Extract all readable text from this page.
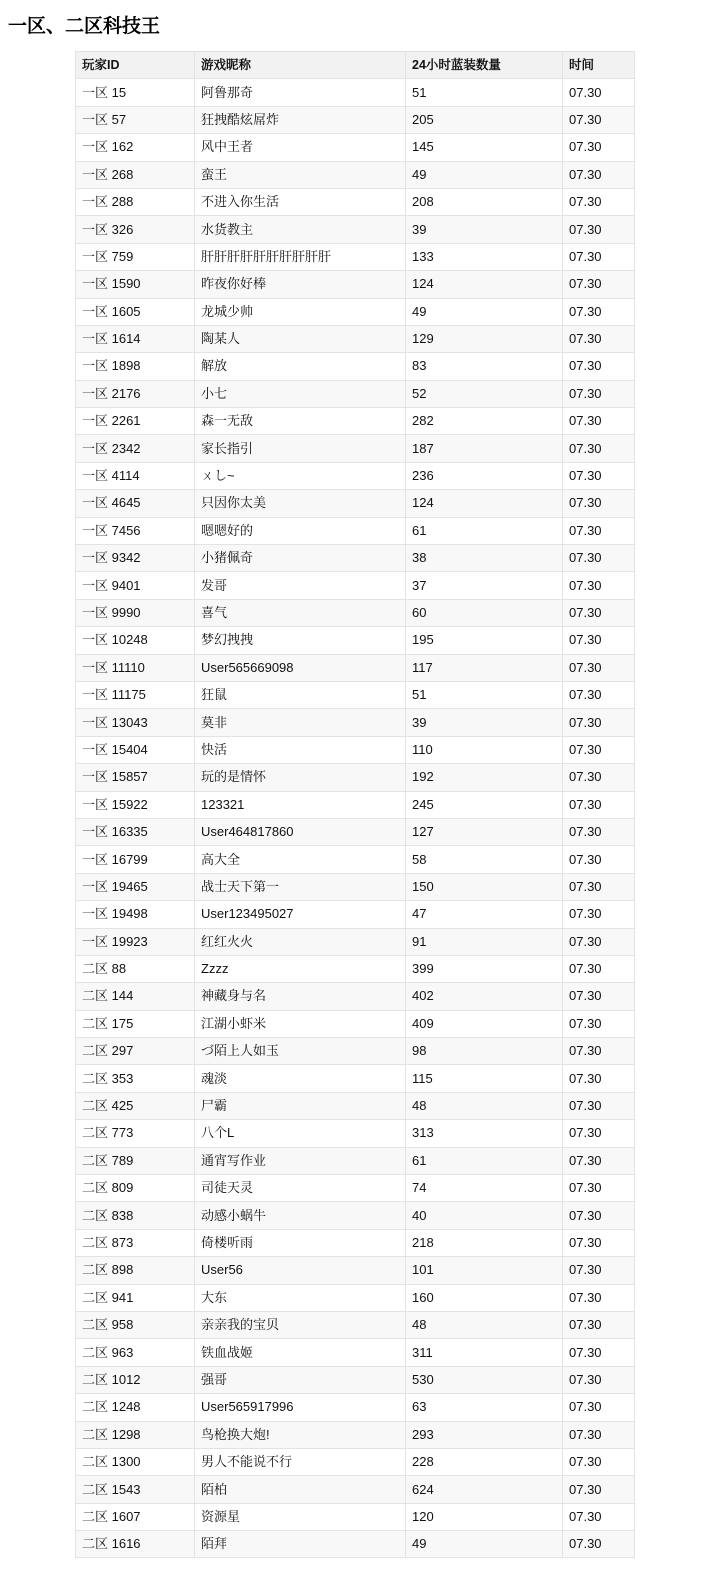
一区、二区科技王
玩家ID	游戏昵称	24小时蓝装数量	时间
一区 15	阿鲁那奇	51	07.30
一区 57	狂拽酷炫屌炸	205	07.30
一区 162	风中王者	145	07.30
一区 268	蛮王	49	07.30
一区 288	不进入你生活	208	07.30
一区 326	水货教主	39	07.30
一区 759	肝肝肝肝肝肝肝肝肝肝	133	07.30
一区 1590	昨夜你好棒	124	07.30
一区 1605	龙城少帅	49	07.30
一区 1614	陶某人	129	07.30
一区 1898	解放	83	07.30
一区 2176	小七	52	07.30
一区 2261	森一无敌	282	07.30
一区 2342	家长指引	187	07.30
一区 4114	ㄨし~	236	07.30
一区 4645	只因你太美	124	07.30
一区 7456	嗯嗯好的	61	07.30
一区 9342	小猪佩奇	38	07.30
一区 9401	发哥	37	07.30
一区 9990	喜气	60	07.30
一区 10248	梦幻拽拽	195	07.30
一区 11110	User565669098	117	07.30
一区 11175	狂鼠	51	07.30
一区 13043	莫非	39	07.30
一区 15404	快活	110	07.30
一区 15857	玩的是情怀	192	07.30
一区 15922	123321	245	07.30
一区 16335	User464817860	127	07.30
一区 16799	高大全	58	07.30
一区 19465	战士天下第一	150	07.30
一区 19498	User123495027	47	07.30
一区 19923	红红火火	91	07.30
二区 88	Zzzz	399	07.30
二区 144	神藏身与名	402	07.30
二区 175	江湖小虾米	409	07.30
二区 297	づ陌上人如玉	98	07.30
二区 353	魂淡	115	07.30
二区 425	尸霸	48	07.30
二区 773	八个L	313	07.30
二区 789	通宵写作业	61	07.30
二区 809	司徒天灵	74	07.30
二区 838	动感小蜗牛	40	07.30
二区 873	倚楼听雨	218	07.30
二区 898	User56	101	07.30
二区 941	大东	160	07.30
二区 958	亲亲我的宝贝	48	07.30
二区 963	铁血战姬	311	07.30
二区 1012	强哥	530	07.30
二区 1248	User565917996	63	07.30
二区 1298	鸟枪换大炮!	293	07.30
二区 1300	男人不能说不行	228	07.30
二区 1543	陌柏	624	07.30
二区 1607	资源星	120	07.30
二区 1616	陌拜	49	07.30
